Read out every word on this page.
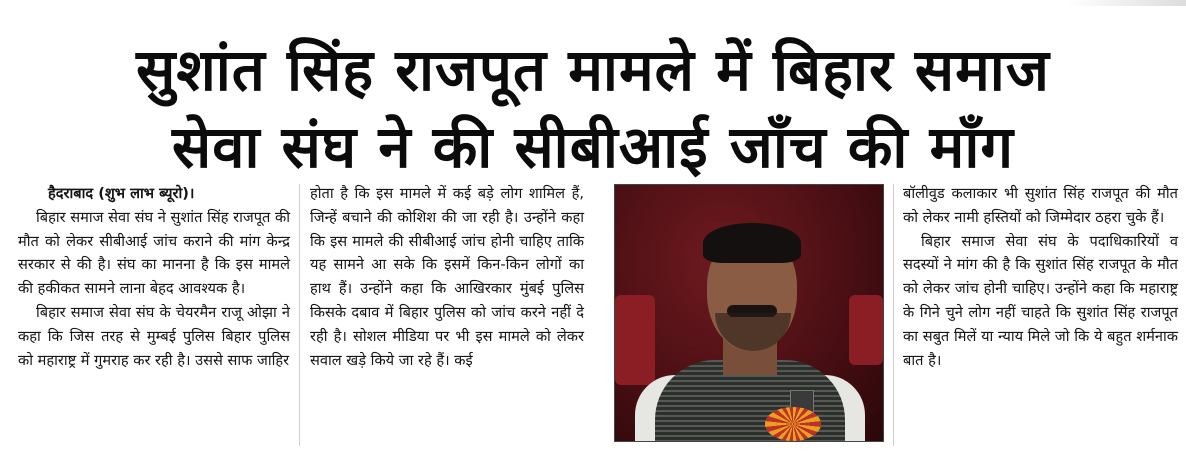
सुशांत सिंह राजपूत मामले में बिहार समाज
सेवा संघ ने की सीबीआई जाँच की माँग

हैदराबाद (शुभ लाभ ब्यूरो)।

बिहार समाज सेवा संघ ने सुशांत सिंह राजपूत की मौत को लेकर सीबीआई जांच कराने की मांग केन्द्र सरकार से की है। संघ का मानना है कि इस मामले की हकीकत सामने लाना बेहद आवश्यक है।

बिहार समाज सेवा संघ के चेयरमैन राजू ओझा ने कहा कि जिस तरह से मुम्बई पुलिस बिहार पुलिस को महाराष्ट्र में गुमराह कर रही है। उससे साफ जाहिर

होता है कि इस मामले में कई बड़े लोग शामिल हैं, जिन्हें बचाने की कोशिश की जा रही है। उन्होंने कहा कि इस मामले की सीबीआई जांच होनी चाहिए ताकि यह सामने आ सके कि इसमें किन-किन लोगों का हाथ हैं। उन्होंने कहा कि आखिरकार मुंबई पुलिस किसके दबाव में बिहार पुलिस को जांच करने नहीं दे रही है। सोशल मीडिया पर भी इस मामले को लेकर सवाल खड़े किये जा रहे हैं। कई

बॉलीवुड कलाकार भी सुशांत सिंह राजपूत की मौत को लेकर नामी हस्तियों को जिम्मेदार ठहरा चुके हैं।

बिहार समाज सेवा संघ के पदाधिकारियों व सदस्यों ने मांग की है कि सुशांत सिंह राजपूत के मौत को लेकर जांच होनी चाहिए। उन्होंने कहा कि महाराष्ट्र के गिने चुने लोग नहीं चाहते कि सुशांत सिंह राजपूत का सबुत मिलें या न्याय मिले जो कि ये बहुत शर्मनाक बात है।
